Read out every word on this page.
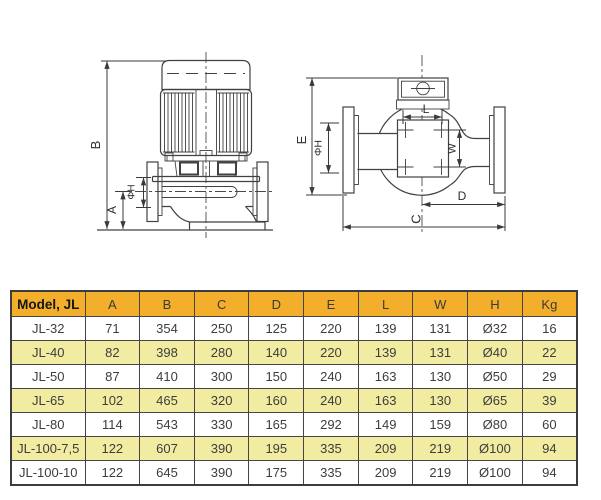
B
A
ΦH
E
ΦH
L
W
D
C
Model, JL	A	B	C	D	E	L	W	H	Kg
JL-32	71	354	250	125	220	139	131	Ø32	16
JL-40	82	398	280	140	220	139	131	Ø40	22
JL-50	87	410	300	150	240	163	130	Ø50	29
JL-65	102	465	320	160	240	163	130	Ø65	39
JL-80	114	543	330	165	292	149	159	Ø80	60
JL-100-7,5	122	607	390	195	335	209	219	Ø100	94
JL-100-10	122	645	390	175	335	209	219	Ø100	94
